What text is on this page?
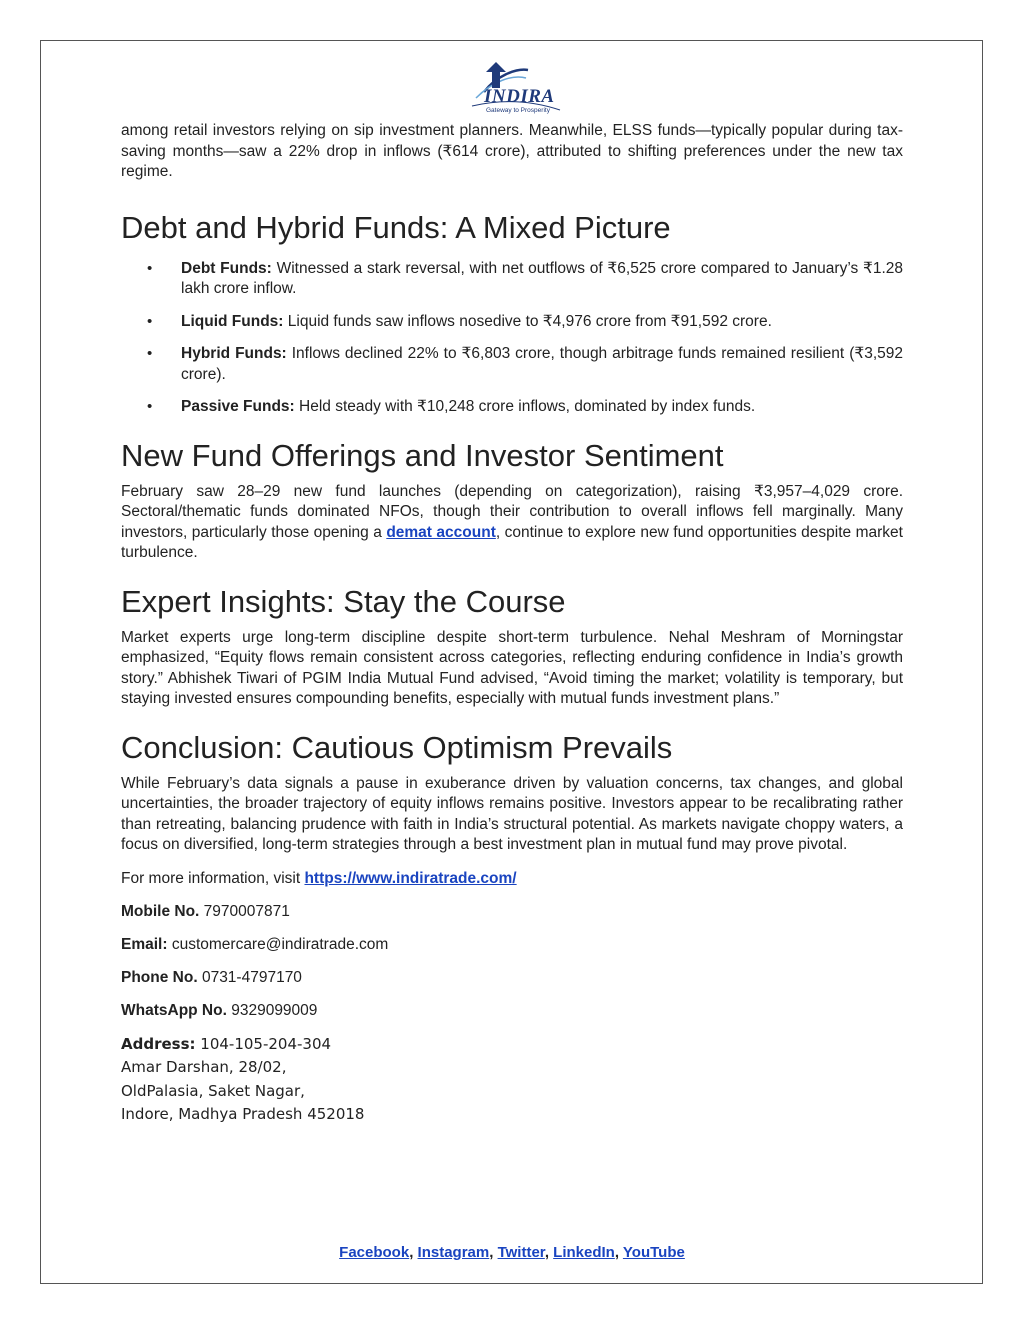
INDIRA
Gateway to Prosperity

among retail investors relying on sip investment planners. Meanwhile, ELSS funds—typically popular during tax-saving months—saw a 22% drop in inflows (₹614 crore), attributed to shifting preferences under the new tax regime.

Debt and Hybrid Funds: A Mixed Picture
• Debt Funds: Witnessed a stark reversal, with net outflows of ₹6,525 crore compared to January’s ₹1.28 lakh crore inflow.
• Liquid Funds: Liquid funds saw inflows nosedive to ₹4,976 crore from ₹91,592 crore.
• Hybrid Funds: Inflows declined 22% to ₹6,803 crore, though arbitrage funds remained resilient (₹3,592 crore).
• Passive Funds: Held steady with ₹10,248 crore inflows, dominated by index funds.
New Fund Offerings and Investor Sentiment

February saw 28–29 new fund launches (depending on categorization), raising ₹3,957–4,029 crore. Sectoral/thematic funds dominated NFOs, though their contribution to overall inflows fell marginally. Many investors, particularly those opening a demat account, continue to explore new fund opportunities despite market turbulence.

Expert Insights: Stay the Course

Market experts urge long-term discipline despite short-term turbulence. Nehal Meshram of Morningstar emphasized, “Equity flows remain consistent across categories, reflecting enduring confidence in India’s growth story.” Abhishek Tiwari of PGIM India Mutual Fund advised, “Avoid timing the market; volatility is temporary, but staying invested ensures compounding benefits, especially with mutual funds investment plans.”

Conclusion: Cautious Optimism Prevails

While February’s data signals a pause in exuberance driven by valuation concerns, tax changes, and global uncertainties, the broader trajectory of equity inflows remains positive. Investors appear to be recalibrating rather than retreating, balancing prudence with faith in India’s structural potential. As markets navigate choppy waters, a focus on diversified, long-term strategies through a best investment plan in mutual fund may prove pivotal.

For more information, visit https://www.indiratrade.com/

Mobile No. 7970007871

Email: customercare@indiratrade.com

Phone No. 0731-4797170

WhatsApp No. 9329099009

Address: 104-105-204-304
Amar Darshan, 28/02,
OldPalasia, Saket Nagar,
Indore, Madhya Pradesh 452018
Facebook, Instagram, Twitter, LinkedIn, YouTube
